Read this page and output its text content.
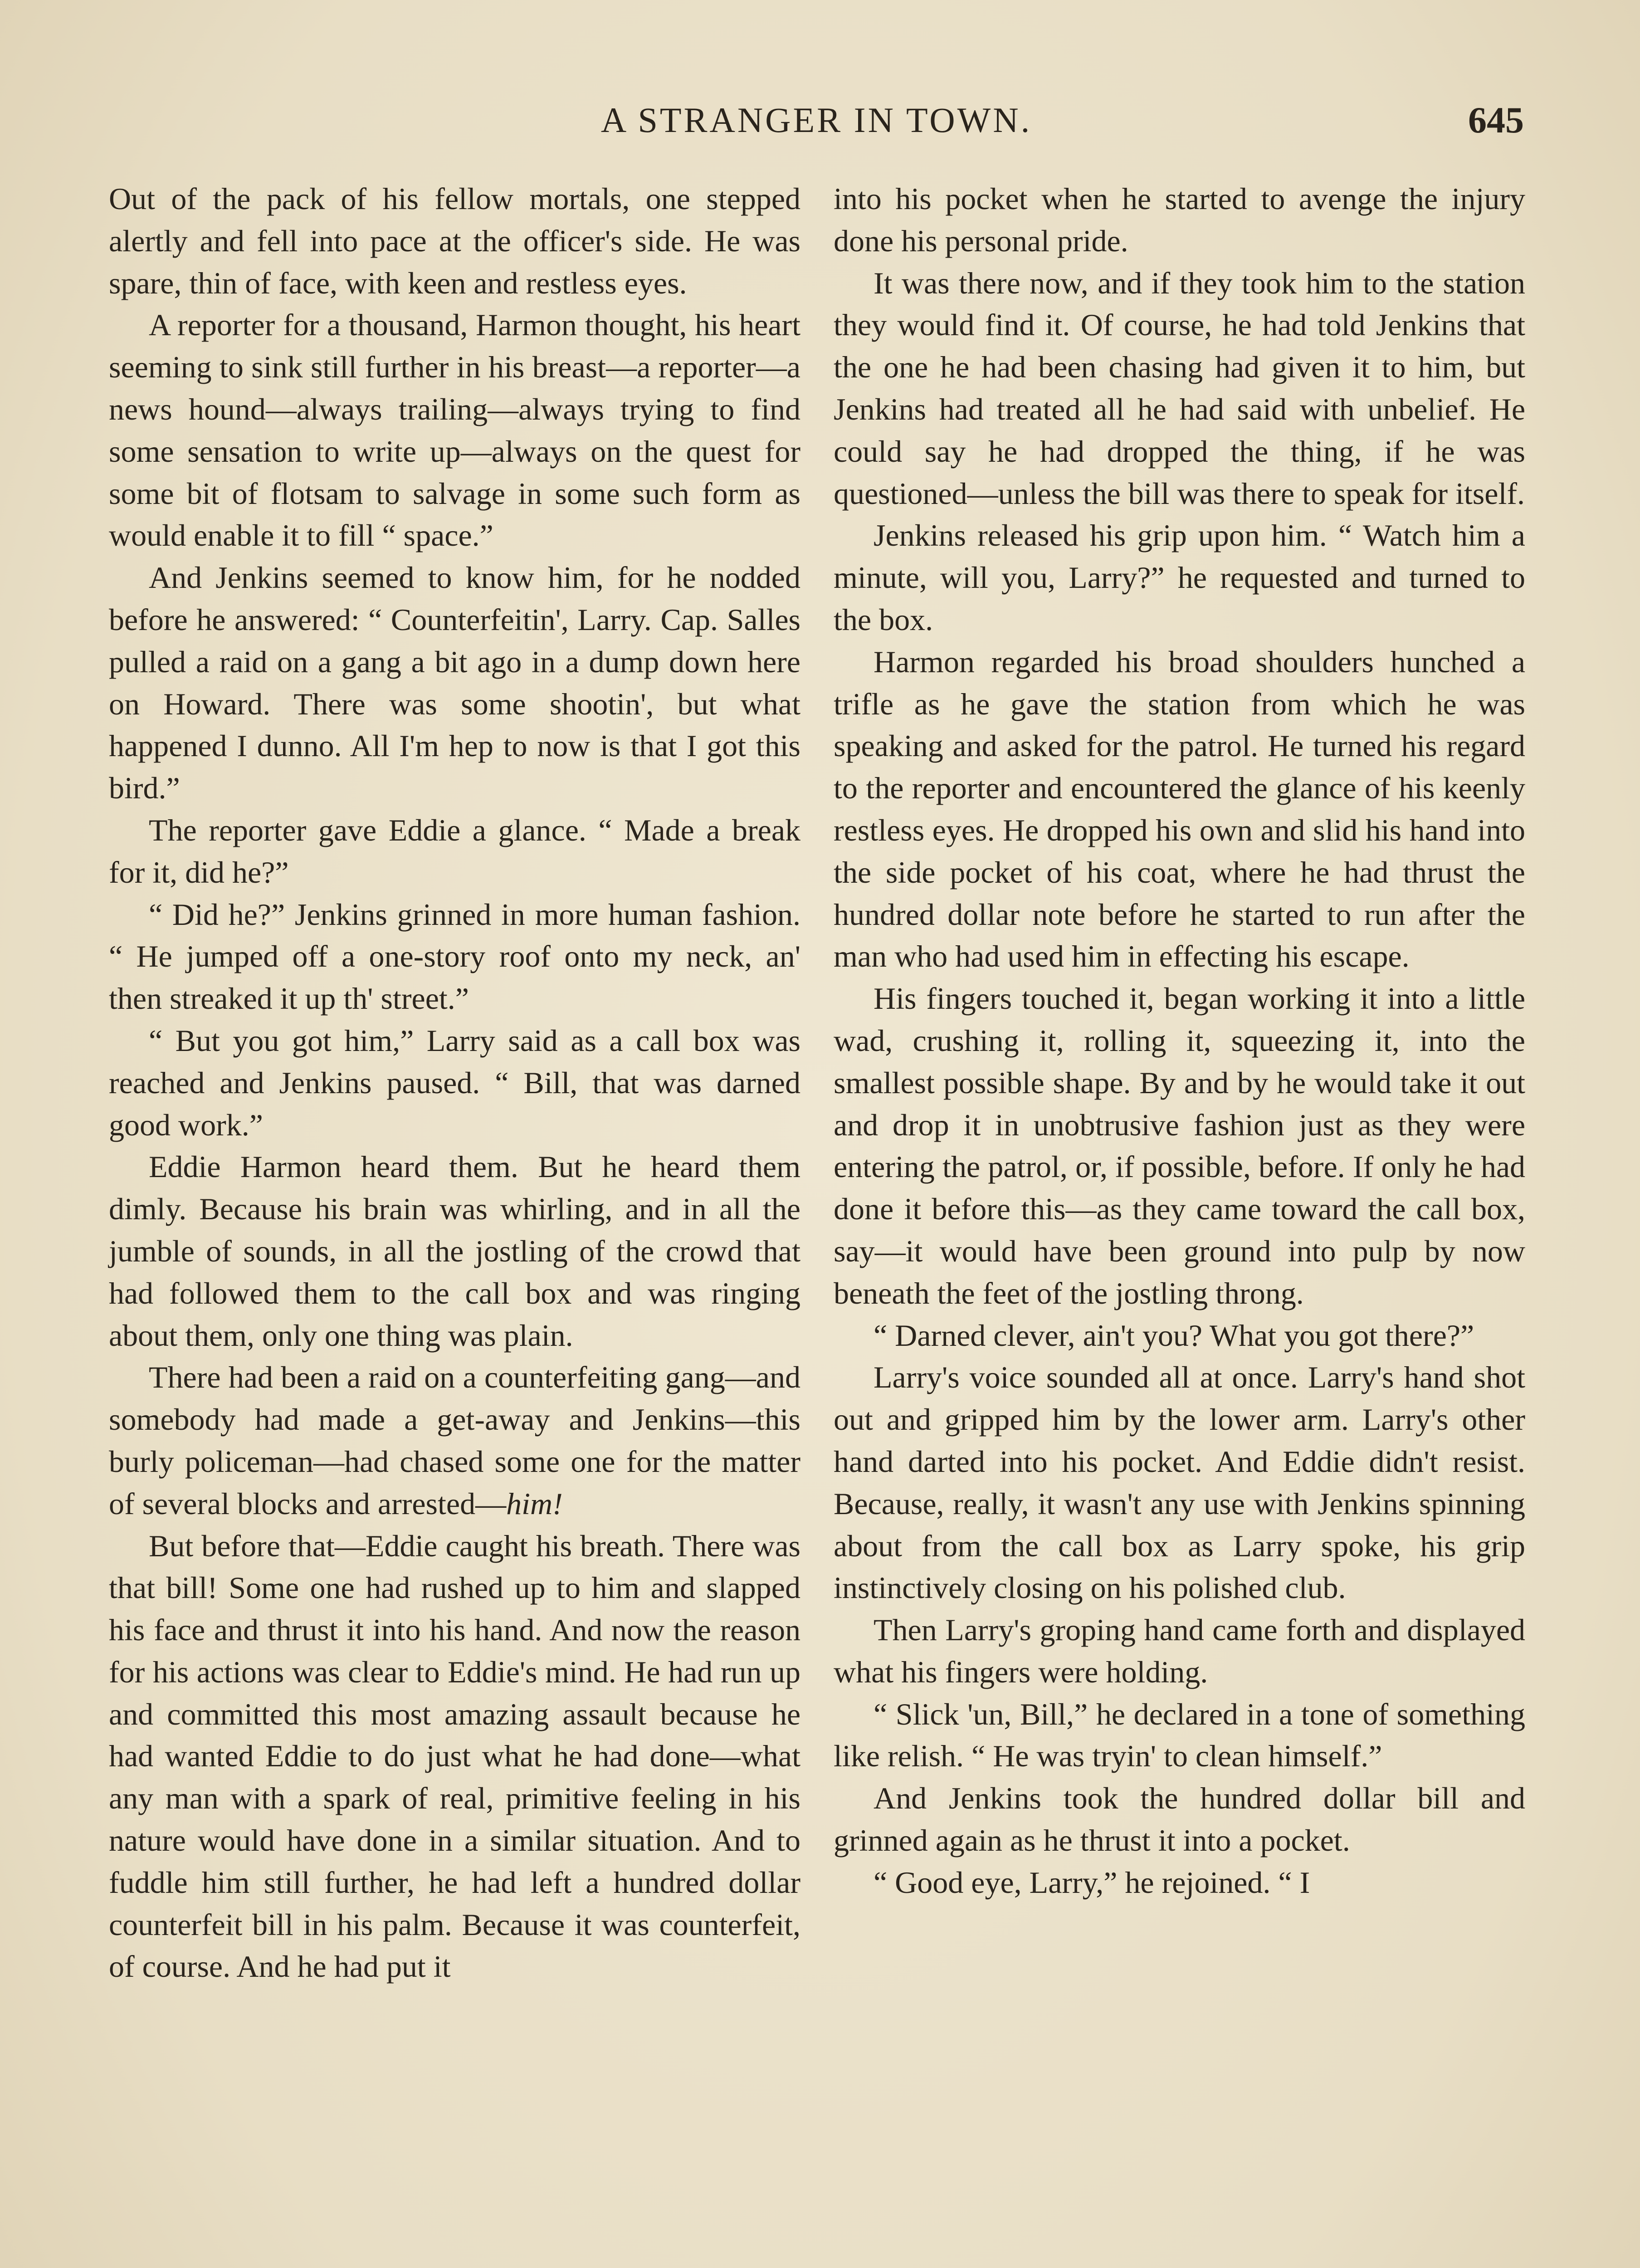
A STRANGER IN TOWN.	645

Out of the pack of his fellow mortals, one stepped alertly and fell into pace at the officer's side. He was spare, thin of face, with keen and restless eyes.

A reporter for a thousand, Harmon thought, his heart seeming to sink still further in his breast—a reporter—a news hound—always trailing—always trying to find some sensation to write up—always on the quest for some bit of flotsam to salvage in some such form as would enable it to fill “ space.”

And Jenkins seemed to know him, for he nodded before he answered: “ Counterfeitin', Larry. Cap. Salles pulled a raid on a gang a bit ago in a dump down here on Howard. There was some shootin', but what happened I dunno. All I'm hep to now is that I got this bird.”

The reporter gave Eddie a glance. “ Made a break for it, did he?”

“ Did he?” Jenkins grinned in more human fashion. “ He jumped off a one-story roof onto my neck, an' then streaked it up th' street.”

“ But you got him,” Larry said as a call box was reached and Jenkins paused. “ Bill, that was darned good work.”

Eddie Harmon heard them. But he heard them dimly. Because his brain was whirling, and in all the jumble of sounds, in all the jostling of the crowd that had followed them to the call box and was ringing about them, only one thing was plain.

There had been a raid on a counterfeiting gang—and somebody had made a get-away and Jenkins—this burly policeman—had chased some one for the matter of several blocks and arrested—him!

But before that—Eddie caught his breath. There was that bill! Some one had rushed up to him and slapped his face and thrust it into his hand. And now the reason for his actions was clear to Eddie's mind. He had run up and committed this most amazing assault because he had wanted Eddie to do just what he had done—what any man with a spark of real, primitive feeling in his nature would have done in a similar situation. And to fuddle him still further, he had left a hundred dollar counterfeit bill in his palm. Because it was counterfeit, of course. And he had put it

into his pocket when he started to avenge the injury done his personal pride.

It was there now, and if they took him to the station they would find it. Of course, he had told Jenkins that the one he had been chasing had given it to him, but Jenkins had treated all he had said with unbelief. He could say he had dropped the thing, if he was questioned—unless the bill was there to speak for itself.

Jenkins released his grip upon him. “ Watch him a minute, will you, Larry?” he requested and turned to the box.

Harmon regarded his broad shoulders hunched a trifle as he gave the station from which he was speaking and asked for the patrol. He turned his regard to the reporter and encountered the glance of his keenly restless eyes. He dropped his own and slid his hand into the side pocket of his coat, where he had thrust the hundred dollar note before he started to run after the man who had used him in effecting his escape.

His fingers touched it, began working it into a little wad, crushing it, rolling it, squeezing it, into the smallest possible shape. By and by he would take it out and drop it in unobtrusive fashion just as they were entering the patrol, or, if possible, before. If only he had done it before this—as they came toward the call box, say—it would have been ground into pulp by now beneath the feet of the jostling throng.

“ Darned clever, ain't you? What you got there?”

Larry's voice sounded all at once. Larry's hand shot out and gripped him by the lower arm. Larry's other hand darted into his pocket. And Eddie didn't resist. Because, really, it wasn't any use with Jenkins spinning about from the call box as Larry spoke, his grip instinctively closing on his polished club.

Then Larry's groping hand came forth and displayed what his fingers were holding.

“ Slick 'un, Bill,” he declared in a tone of something like relish. “ He was tryin' to clean himself.”

And Jenkins took the hundred dollar bill and grinned again as he thrust it into a pocket.

“ Good eye, Larry,” he rejoined. “ I
